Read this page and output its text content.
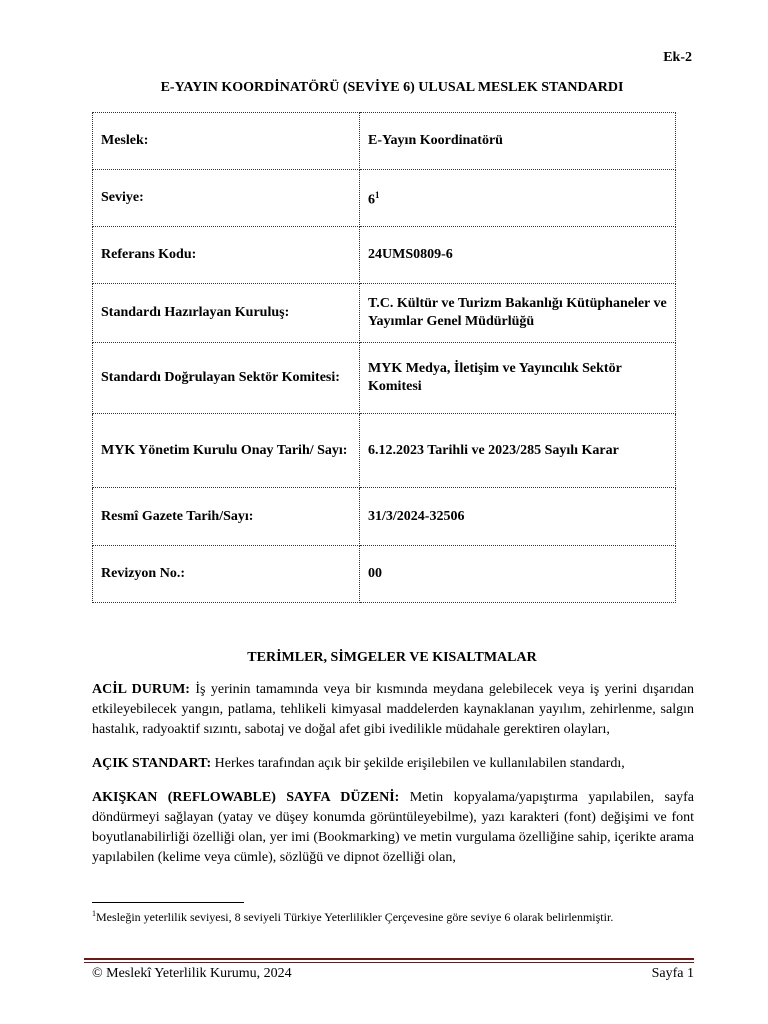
Ek-2
E-YAYIN KOORDİNATÖRÜ (SEVİYE 6) ULUSAL MESLEK STANDARDI
Meslek:	E-Yayın Koordinatörü
Seviye:	6$^1$
Referans Kodu:	24UMS0809-6
Standardı Hazırlayan Kuruluş:	T.C. Kültür ve Turizm Bakanlığı Kütüphaneler ve Yayımlar Genel Müdürlüğü
Standardı Doğrulayan Sektör Komitesi:	MYK Medya, İletişim ve Yayıncılık Sektör Komitesi
MYK Yönetim Kurulu Onay Tarih/ Sayı:	6.12.2023 Tarihli ve 2023/285 Sayılı Karar
Resmî Gazete Tarih/Sayı:	31/3/2024-32506
Revizyon No.:	00
TERİMLER, SİMGELER VE KISALTMALAR

ACİL DURUM: İş yerinin tamamında veya bir kısmında meydana gelebilecek veya iş yerini dışarıdan etkileyebilecek yangın, patlama, tehlikeli kimyasal maddelerden kaynaklanan yayılım, zehirlenme, salgın hastalık, radyoaktif sızıntı, sabotaj ve doğal afet gibi ivedilikle müdahale gerektiren olayları,

AÇIK STANDART: Herkes tarafından açık bir şekilde erişilebilen ve kullanılabilen standardı,

AKIŞKAN (REFLOWABLE) SAYFA DÜZENİ: Metin kopyalama/yapıştırma yapılabilen, sayfa döndürmeyi sağlayan (yatay ve düşey konumda görüntüleyebilme), yazı karakteri (font) değişimi ve font boyutlanabilirliği özelliği olan, yer imi (Bookmarking) ve metin vurgulama özelliğine sahip, içerikte arama yapılabilen (kelime veya cümle), sözlüğü ve dipnot özelliği olan,

$^1$Mesleğin yeterlilik seviyesi, 8 seviyeli Türkiye Yeterlilikler Çerçevesine göre seviye 6 olarak belirlenmiştir.
© Meslekî Yeterlilik Kurumu, 2024	Sayfa 1
